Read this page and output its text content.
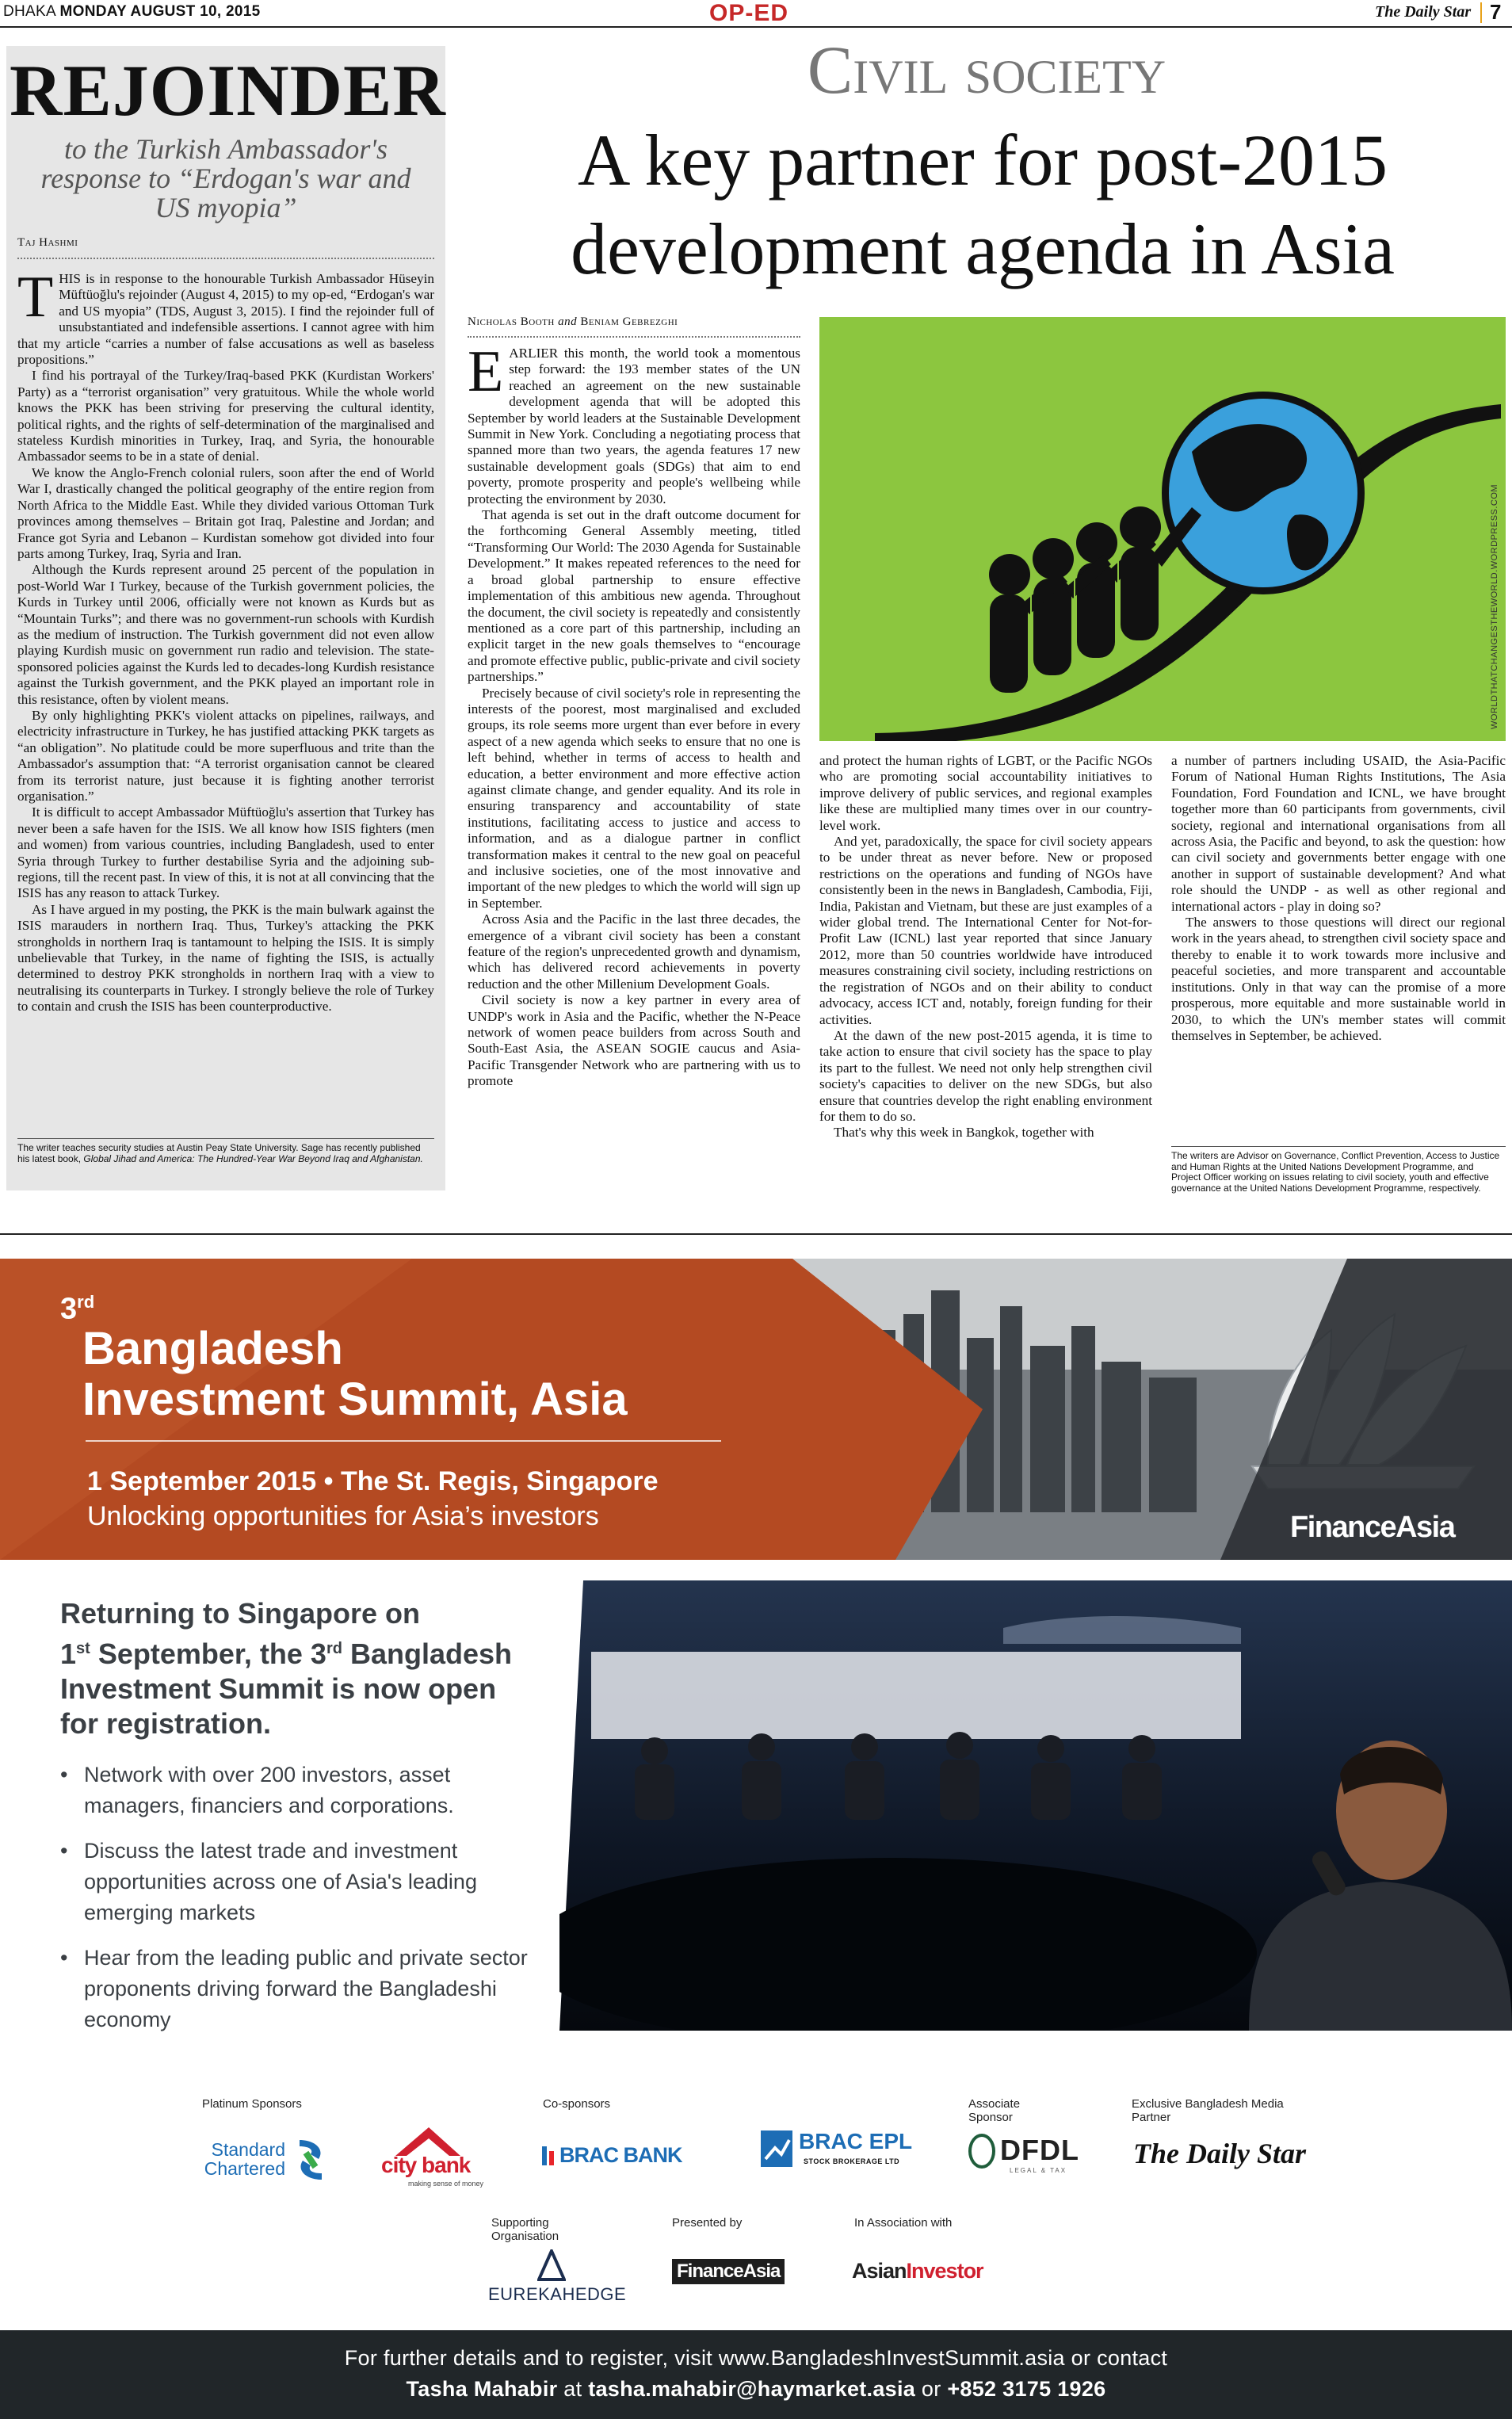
DHAKA MONDAY AUGUST 10, 2015	OP-ED	The Daily Star 7
REJOINDER
to the Turkish Ambassador's response to “Erdogan's war and US myopia”
Taj Hashmi
T HIS is in response to the honourable Turkish Ambassador Hüseyin Müftüoğlu's rejoinder (August 4, 2015) to my op-ed, “Erdogan's war and US myopia” (TDS, August 3, 2015). I find the rejoinder full of unsubstantiated and indefensible assertions. I cannot agree with him that my article “carries a number of false accusations as well as baseless propositions.”

I find his portrayal of the Turkey/Iraq-based PKK (Kurdistan Workers' Party) as a “terrorist organisation” very gratuitous. While the whole world knows the PKK has been striving for preserving the cultural identity, political rights, and the rights of self-determination of the marginalised and stateless Kurdish minorities in Turkey, Iraq, and Syria, the honourable Ambassador seems to be in a state of denial.

We know the Anglo-French colonial rulers, soon after the end of World War I, drastically changed the political geography of the entire region from North Africa to the Middle East. While they divided various Ottoman Turk provinces among themselves – Britain got Iraq, Palestine and Jordan; and France got Syria and Lebanon – Kurdistan somehow got divided into four parts among Turkey, Iraq, Syria and Iran.

Although the Kurds represent around 25 percent of the population in post-World War I Turkey, because of the Turkish government policies, the Kurds in Turkey until 2006, officially were not known as Kurds but as “Mountain Turks”; and there was no government-run schools with Kurdish as the medium of instruction. The Turkish government did not even allow playing Kurdish music on government run radio and television. The state-sponsored policies against the Kurds led to decades-long Kurdish resistance against the Turkish government, and the PKK played an important role in this resistance, often by violent means.

By only highlighting PKK's violent attacks on pipelines, railways, and electricity infrastructure in Turkey, he has justified attacking PKK targets as “an obligation”. No platitude could be more superfluous and trite than the Ambassador's assumption that: “A terrorist organisation cannot be cleared from its terrorist nature, just because it is fighting another terrorist organisation.”

It is difficult to accept Ambassador Müftüoğlu's assertion that Turkey has never been a safe haven for the ISIS. We all know how ISIS fighters (men and women) from various countries, including Bangladesh, used to enter Syria through Turkey to further destabilise Syria and the adjoining sub-regions, till the recent past. In view of this, it is not at all convincing that the ISIS has any reason to attack Turkey.

As I have argued in my posting, the PKK is the main bulwark against the ISIS marauders in northern Iraq. Thus, Turkey's attacking the PKK strongholds in northern Iraq is tantamount to helping the ISIS. It is simply unbelievable that Turkey, in the name of fighting the ISIS, is actually determined to destroy PKK strongholds in northern Iraq with a view to neutralising its counterparts in Turkey. I strongly believe the role of Turkey to contain and crush the ISIS has been counterproductive.

The writer teaches security studies at Austin Peay State University. Sage has recently published his latest book, Global Jihad and America: The Hundred-Year War Beyond Iraq and Afghanistan.
Civil society
A key partner for post-2015
development agenda in Asia
Nicholas Booth and Beniam Gebrezghi
WORLDTHATCHANGESTHEWORLD.WORDPRESS.COM
E ARLIER this month, the world took a momentous step forward: the 193 member states of the UN reached an agreement on the new sustainable development agenda that will be adopted this September by world leaders at the Sustainable Development Summit in New York. Concluding a negotiating process that spanned more than two years, the agenda features 17 new sustainable development goals (SDGs) that aim to end poverty, promote prosperity and people's wellbeing while protecting the environment by 2030.

That agenda is set out in the draft outcome document for the forthcoming General Assembly meeting, titled “Transforming Our World: The 2030 Agenda for Sustainable Development.” It makes repeated references to the need for a broad global partnership to ensure effective implementation of this ambitious new agenda. Throughout the document, the civil society is repeatedly and consistently mentioned as a core part of this partnership, including an explicit target in the new goals themselves to “encourage and promote effective public, public-private and civil society partnerships.”

Precisely because of civil society's role in representing the interests of the poorest, most marginalised and excluded groups, its role seems more urgent than ever before in every aspect of a new agenda which seeks to ensure that no one is left behind, whether in terms of access to health and education, a better environment and more effective action against climate change, and gender equality. And its role in ensuring transparency and accountability of state institutions, facilitating access to justice and access to information, and as a dialogue partner in conflict transformation makes it central to the new goal on peaceful and inclusive societies, one of the most innovative and important of the new pledges to which the world will sign up in September.

Across Asia and the Pacific in the last three decades, the emergence of a vibrant civil society has been a constant feature of the region's unprecedented growth and dynamism, which has delivered record achievements in poverty reduction and the other Millenium Development Goals.

Civil society is now a key partner in every area of UNDP's work in Asia and the Pacific, whether the N-Peace network of women peace builders from across South and South-East Asia, the ASEAN SOGIE caucus and Asia-Pacific Transgender Network who are partnering with us to promote

and protect the human rights of LGBT, or the Pacific NGOs who are promoting social accountability initiatives to improve delivery of public services, and regional examples like these are multiplied many times over in our country-level work.

And yet, paradoxically, the space for civil society appears to be under threat as never before. New or proposed restrictions on the operations and funding of NGOs have consistently been in the news in Bangladesh, Cambodia, Fiji, India, Pakistan and Vietnam, but these are just examples of a wider global trend. The International Center for Not-for-Profit Law (ICNL) last year reported that since January 2012, more than 50 countries worldwide have introduced measures constraining civil society, including restrictions on the registration of NGOs and on their ability to conduct advocacy, access ICT and, notably, foreign funding for their activities.

At the dawn of the new post-2015 agenda, it is time to take action to ensure that civil society has the space to play its part to the fullest. We need not only help strengthen civil society's capacities to deliver on the new SDGs, but also ensure that countries develop the right enabling environment for them to do so.

That's why this week in Bangkok, together with

a number of partners including USAID, the Asia-Pacific Forum of National Human Rights Institutions, The Asia Foundation, Ford Foundation and ICNL, we have brought together more than 60 participants from governments, civil society, regional and international organisations from all across Asia, the Pacific and beyond, to ask the question: how can civil society and governments better engage with one another in support of sustainable development? And what role should the UNDP - as well as other regional and international actors - play in doing so?

The answers to those questions will direct our regional work in the years ahead, to strengthen civil society space and thereby to enable it to work towards more inclusive and peaceful societies, and more transparent and accountable institutions. Only in that way can the promise of a more prosperous, more equitable and more sustainable world in 2030, to which the UN's member states will commit themselves in September, be achieved.

The writers are Advisor on Governance, Conflict Prevention, Access to Justice and Human Rights at the United Nations Development Programme, and Project Officer working on issues relating to civil society, youth and effective governance at the United Nations Development Programme, respectively.
3rd
Bangladesh
Investment Summit, Asia
1 September 2015 • The St. Regis, Singapore
Unlocking opportunities for Asia’s investors	FinanceAsia
Returning to Singapore on
1st September, the 3rd Bangladesh
Investment Summit is now open
for registration.
• Network with over 200 investors, asset managers, financiers and corporations.
• Discuss the latest trade and investment opportunities across one of Asia's leading emerging markets
• Hear from the leading public and private sector proponents driving forward the Bangladeshi economy
Platinum Sponsors	Co-sponsors	Associate Sponsor
Exclusive Bangladesh Media Partner
Standard Chartered	city bank
making sense of money
BRAC BANK
BRAC EPL
STOCK BROKERAGE LTD	DFDL
LEGAL & TAX
The Daily Star
Supporting Organisation
Presented by	In Association with
EUREKAHEDGE
FinanceAsia	AsianInvestor
For further details and to register, visit www.BangladeshInvestSummit.asia or contact
Tasha Mahabir at tasha.mahabir@haymarket.asia or +852 3175 1926
